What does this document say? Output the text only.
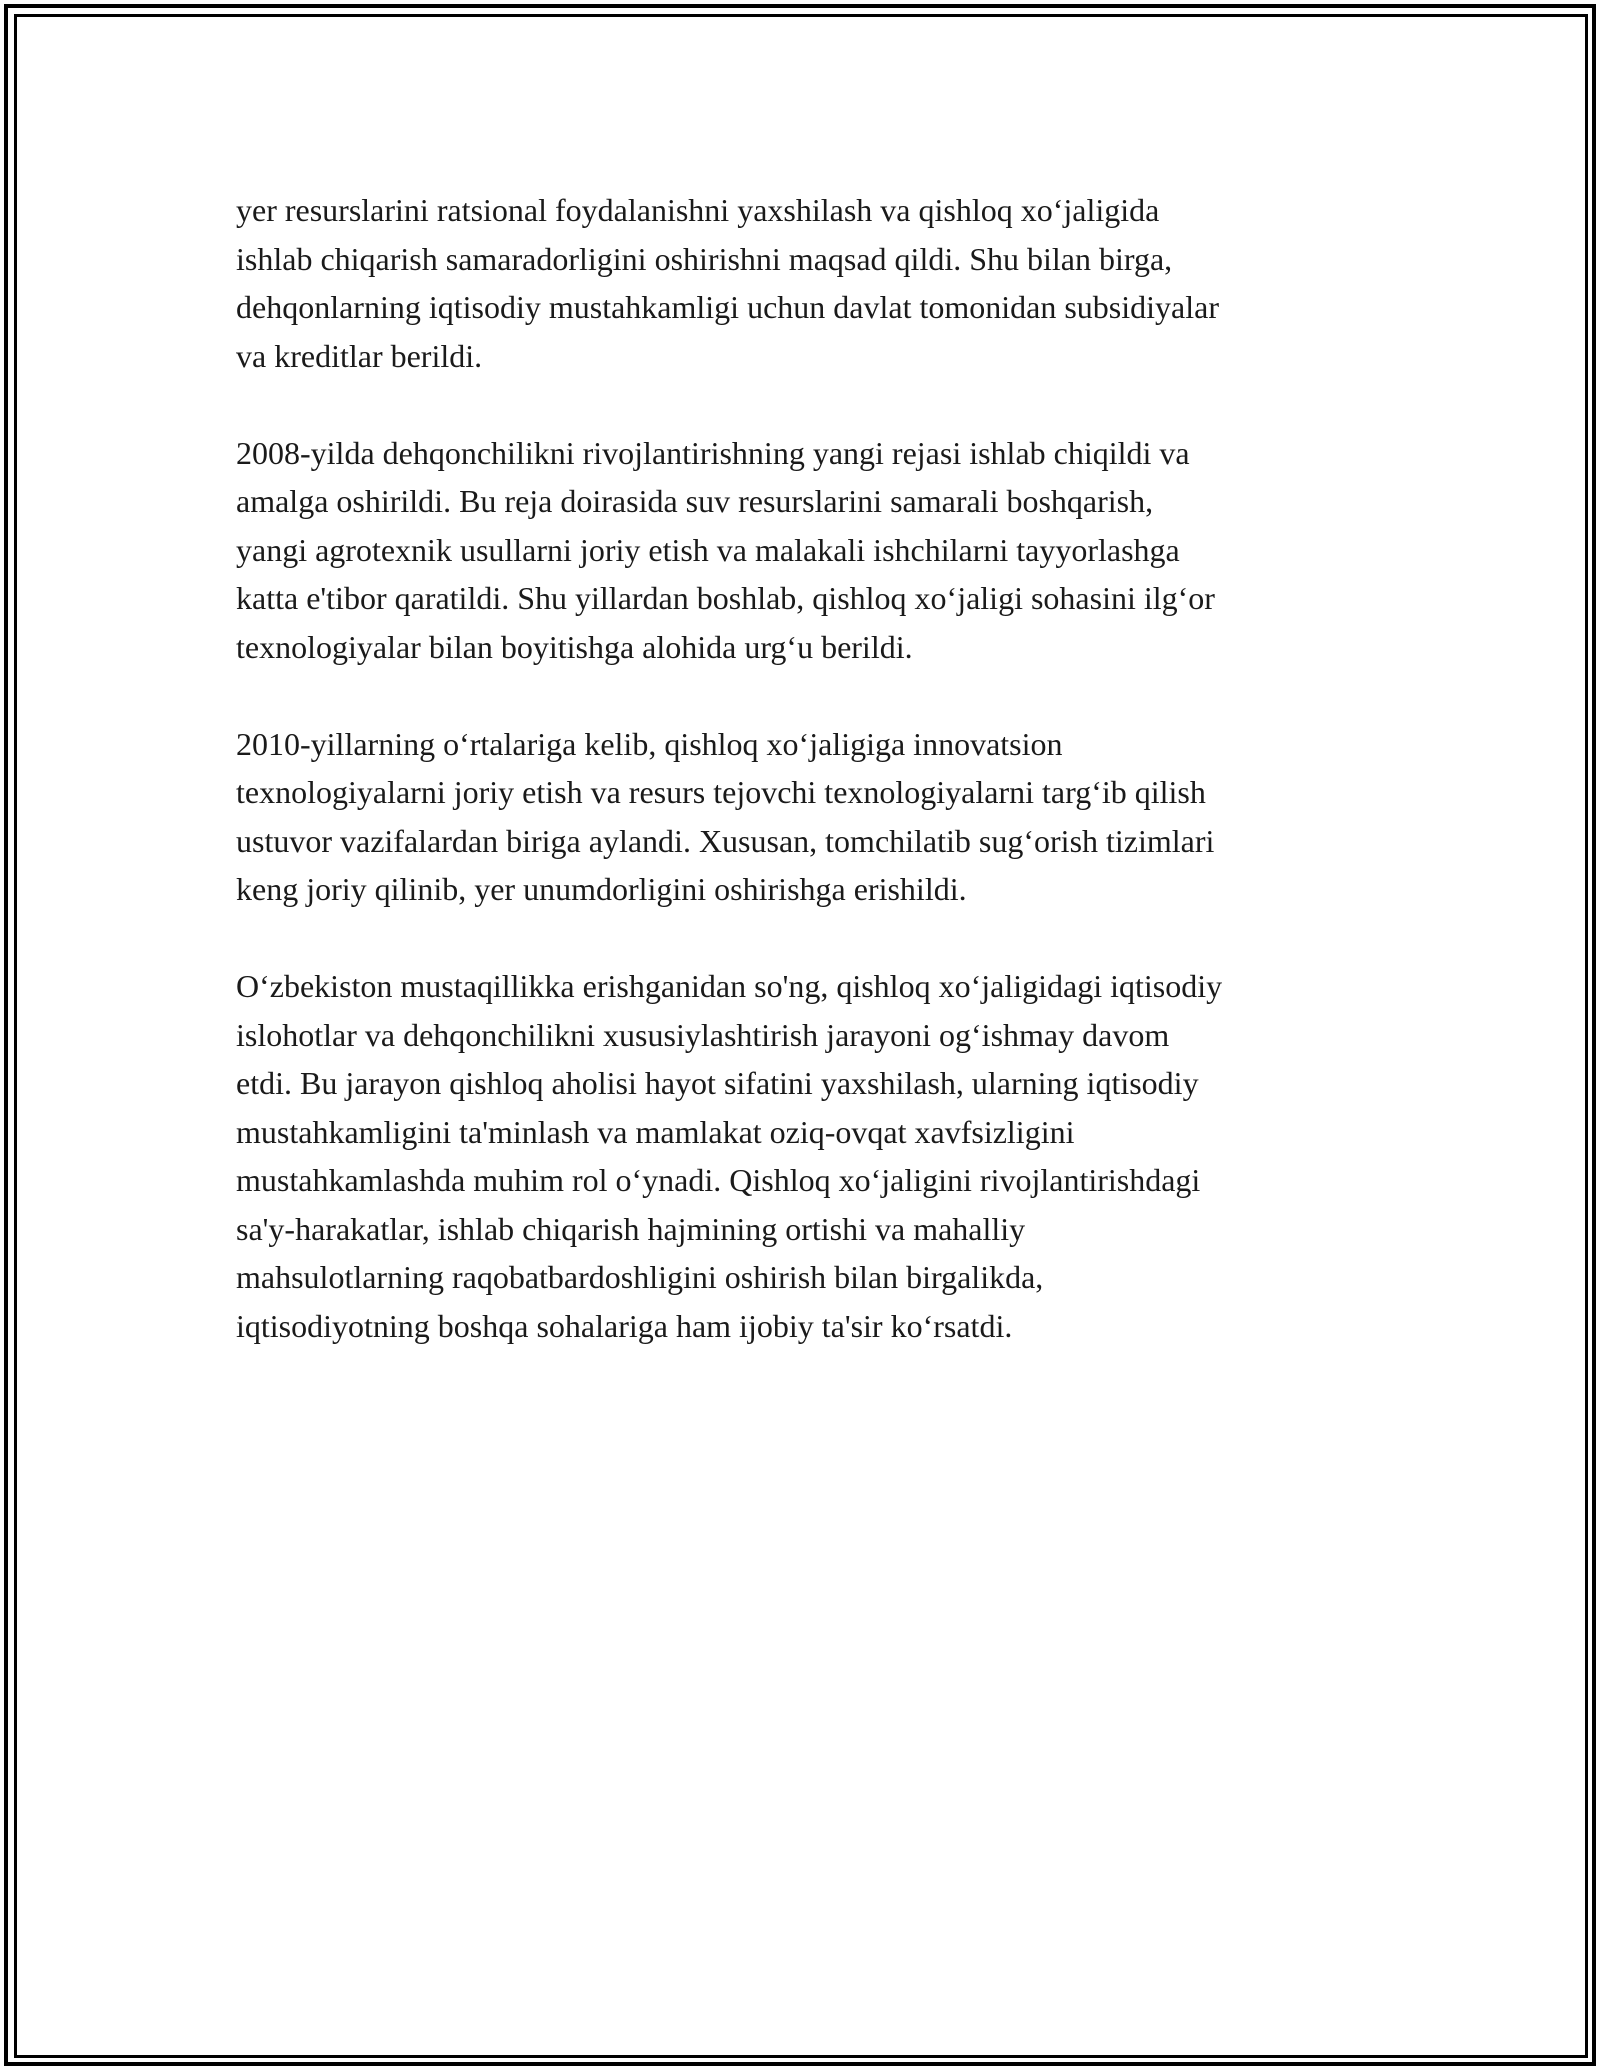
yer resurslarini ratsional foydalanishni yaxshilash va qishloq xo‘jaligida
ishlab chiqarish samaradorligini oshirishni maqsad qildi. Shu bilan birga,
dehqonlarning iqtisodiy mustahkamligi uchun davlat tomonidan subsidiyalar
va kreditlar berildi.

2008-yilda dehqonchilikni rivojlantirishning yangi rejasi ishlab chiqildi va
amalga oshirildi. Bu reja doirasida suv resurslarini samarali boshqarish,
yangi agrotexnik usullarni joriy etish va malakali ishchilarni tayyorlashga
katta e'tibor qaratildi. Shu yillardan boshlab, qishloq xo‘jaligi sohasini ilg‘or
texnologiyalar bilan boyitishga alohida urg‘u berildi.

2010-yillarning o‘rtalariga kelib, qishloq xo‘jaligiga innovatsion
texnologiyalarni joriy etish va resurs tejovchi texnologiyalarni targ‘ib qilish
ustuvor vazifalardan biriga aylandi. Xususan, tomchilatib sug‘orish tizimlari
keng joriy qilinib, yer unumdorligini oshirishga erishildi.

O‘zbekiston mustaqillikka erishganidan so'ng, qishloq xo‘jaligidagi iqtisodiy
islohotlar va dehqonchilikni xususiylashtirish jarayoni og‘ishmay davom
etdi. Bu jarayon qishloq aholisi hayot sifatini yaxshilash, ularning iqtisodiy
mustahkamligini ta'minlash va mamlakat oziq-ovqat xavfsizligini
mustahkamlashda muhim rol o‘ynadi. Qishloq xo‘jaligini rivojlantirishdagi
sa'y-harakatlar, ishlab chiqarish hajmining ortishi va mahalliy
mahsulotlarning raqobatbardoshligini oshirish bilan birgalikda,
iqtisodiyotning boshqa sohalariga ham ijobiy ta'sir ko‘rsatdi.
